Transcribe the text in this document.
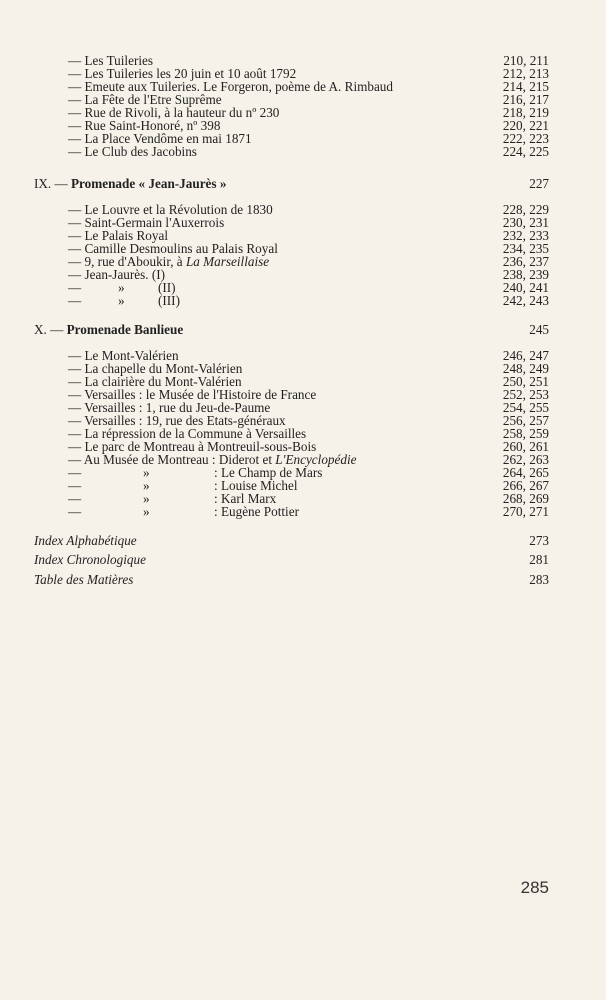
— Les Tuileries	210, 211
— Les Tuileries les 20 juin et 10 août 1792	212, 213
— Emeute aux Tuileries. Le Forgeron, poème de A. Rimbaud	214, 215
— La Fête de l'Etre Suprême	216, 217
— Rue de Rivoli, à la hauteur du nº 230	218, 219
— Rue Saint-Honoré, nº 398	220, 221
— La Place Vendôme en mai 1871	222, 223
— Le Club des Jacobins	224, 225
IX. — Promenade « Jean-Jaurès »	227
— Le Louvre et la Révolution de 1830	228, 229
— Saint-Germain l'Auxerrois	230, 231
— Le Palais Royal	232, 233
— Camille Desmoulins au Palais Royal	234, 235
— 9, rue d'Aboukir, à La Marseillaise	236, 237
— Jean-Jaurès. (I)	238, 239
—	»	(II)	240, 241
—	»	(III)	242, 243
X. — Promenade Banlieue	245
— Le Mont-Valérien	246, 247
— La chapelle du Mont-Valérien	248, 249
— La clairière du Mont-Valérien	250, 251
— Versailles : le Musée de l'Histoire de France	252, 253
— Versailles : 1, rue du Jeu-de-Paume	254, 255
— Versailles : 19, rue des Etats-généraux	256, 257
— La répression de la Commune à Versailles	258, 259
— Le parc de Montreau à Montreuil-sous-Bois	260, 261
— Au Musée de Montreau : Diderot et L'Encyclopédie	262, 263
—	»	: Le Champ de Mars	264, 265
—	»	: Louise Michel	266, 267
—	»	: Karl Marx	268, 269
—	»	: Eugène Pottier	270, 271
Index Alphabétique	273
Index Chronologique	281
Table des Matières	283
285
